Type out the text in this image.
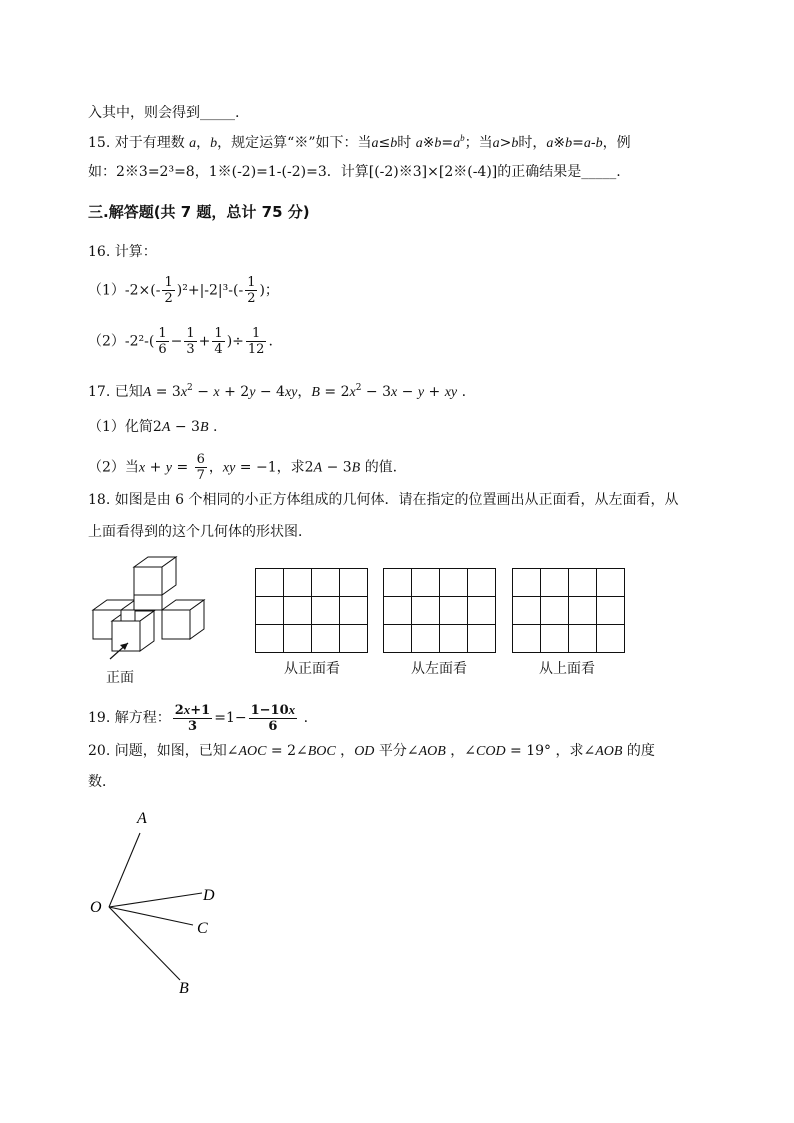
入其中，则会得到_____.
15. 对于有理数 a，b，规定运算“※”如下：当a≤b时 $a※b=a^b$；当a>b时，a※b=a-b，例
如：2※3=2³=8，1※(-2)=1-(-2)=3．计算[(-2)※3]×[2※(-4)]的正确结果是_____.
三.解答题(共 7 题，总计 75 分)
16. 计算：
$(1)-2\times(- \frac{1}{2} )^2+|-2|^3-(- \frac{1}{2}$ )；
$(2)-2^2-( \frac{1}{6} - \frac{1}{3} + \frac{1}{4}$ )÷ $\frac{1}{12}$ .
17. 已知$A = 3x^2 - x + 2y - 4xy$，$B = 2x^2 - 3x - y$ + xy .
（1）化简2A − 3B .
（2）当$x + y = \frac{6}{7}$ ，xy = −1，求2A − 3B 的值.
18. 如图是由 6 个相同的小正方体组成的几何体．请在指定的位置画出从正面看，从左面看，从
上面看得到的这个几何体的形状图．
正面
从正面看	从左面看	从上面看
19. 解方程： $\frac{2x+1}{3} =1- \frac{1-10x}{6}$ .
20. 问题，如图，已知∠AOC = 2∠BOC ，OD 平分∠AOB ，∠COD = 19° ，求∠AOB 的度
数．
A
D
C
B
O
